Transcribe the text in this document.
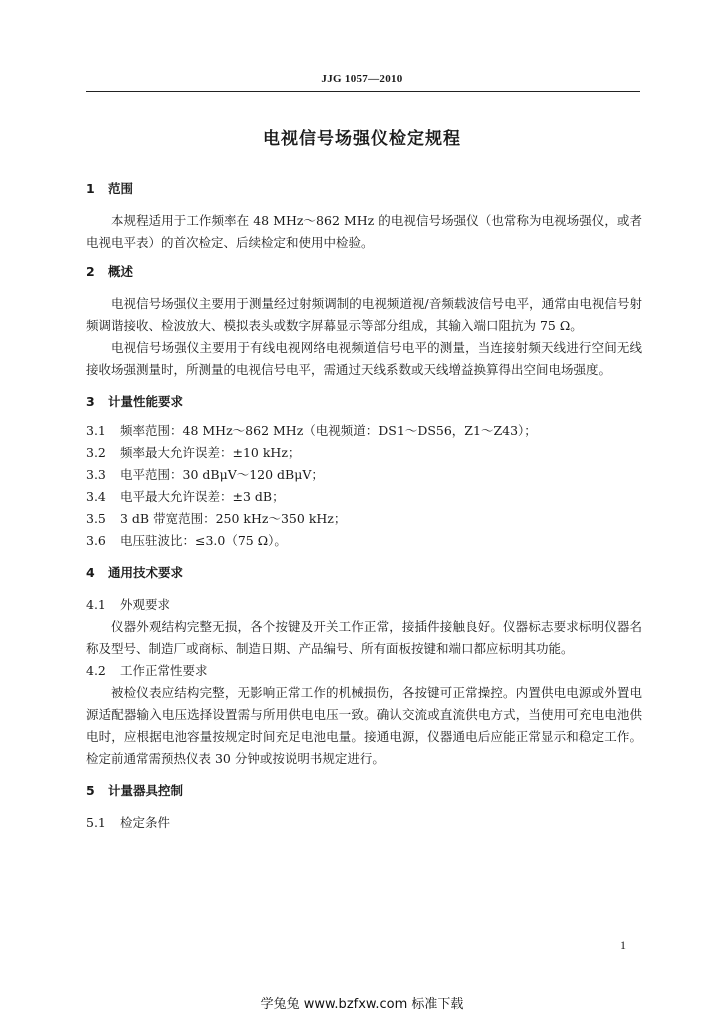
JJG 1057—2010
电视信号场强仪检定规程
1 范围

本规程适用于工作频率在 48 MHz～862 MHz 的电视信号场强仪（也常称为电视场强仪，或者电视电平表）的首次检定、后续检定和使用中检验。

2 概述

电视信号场强仪主要用于测量经过射频调制的电视频道视/音频载波信号电平，通常由电视信号射频调谐接收、检波放大、模拟表头或数字屏幕显示等部分组成，其输入端口阻抗为 75 Ω。

电视信号场强仪主要用于有线电视网络电视频道信号电平的测量，当连接射频天线进行空间无线接收场强测量时，所测量的电视信号电平，需通过天线系数或天线增益换算得出空间电场强度。

3 计量性能要求
3.1 频率范围：48 MHz～862 MHz（电视频道：DS1～DS56，Z1～Z43）；
3.2 频率最大允许误差：±10 kHz；
3.3 电平范围：30 dBμV～120 dBμV；
3.4 电平最大允许误差：±3 dB；
3.5 3 dB 带宽范围：250 kHz～350 kHz；
3.6 电压驻波比：≤3.0（75 Ω）。
4 通用技术要求
4.1 外观要求

仪器外观结构完整无损，各个按键及开关工作正常，接插件接触良好。仪器标志要求标明仪器名称及型号、制造厂或商标、制造日期、产品编号、所有面板按键和端口都应标明其功能。

4.2 工作正常性要求

被检仪表应结构完整，无影响正常工作的机械损伤，各按键可正常操控。内置供电电源或外置电源适配器输入电压选择设置需与所用供电电压一致。确认交流或直流供电方式，当使用可充电电池供电时，应根据电池容量按规定时间充足电池电量。接通电源，仪器通电后应能正常显示和稳定工作。检定前通常需预热仪表 30 分钟或按说明书规定进行。

5 计量器具控制
5.1 检定条件
1
学兔兔 www.bzfxw.com 标准下载
